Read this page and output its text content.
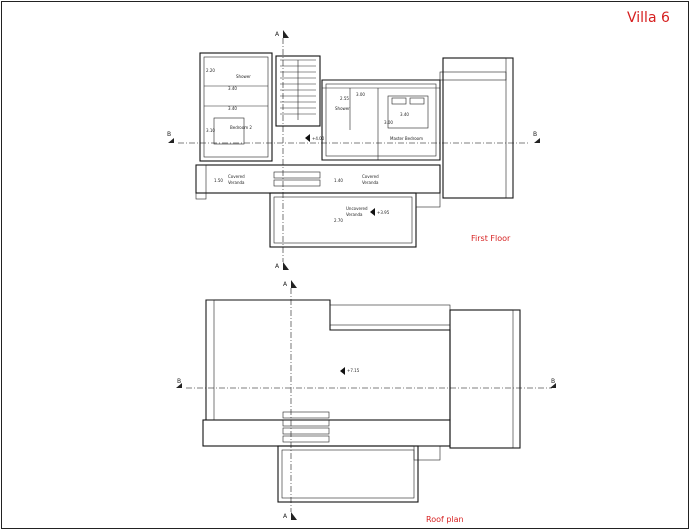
Villa 6
A
A
B	B
Shower
Bedroom 2
Shower
Master Bedroom
Covered
Veranda
Covered
Veranda
Uncovered
Veranda
3.40
2.20
3.40
3.10
2.55
3.40
1.50	1.40
2.70
3.00
3.00
+4.00
+3.95
First Floor
A
A
B	B
+7.15
Roof plan
